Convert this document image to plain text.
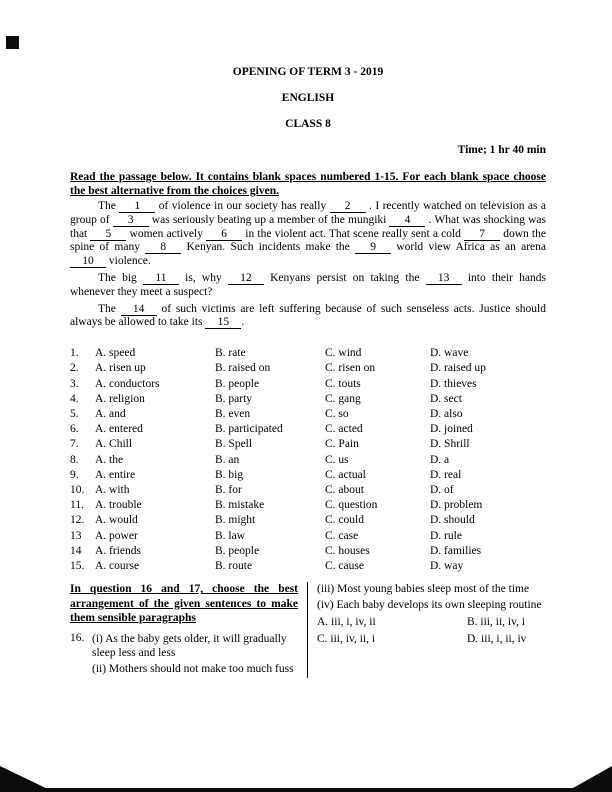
OPENING OF TERM 3 - 2019
ENGLISH
CLASS 8
Time; 1 hr 40 min
Read the passage below. It contains blank spaces numbered 1-15. For each blank space choose the best alternative from the choices given.

The 1 of violence in our society has really 2 . I recently watched on television as a group of 3 was seriously beating up a member of the mungiki 4 . What was shocking was that 5 women actively 6 in the violent act. That scene really sent a cold 7 down the spine of many 8 Kenyan. Such incidents make the 9 world view Africa as an arena 10 violence.

The big 11 is, why 12 Kenyans persist on taking the 13 into their hands whenever they meet a suspect?

The 14 of such victims are left suffering because of such senseless acts. Justice should always be allowed to take its 15 .

1.	A. speed	B. rate	C. wind	D. wave
2.	A. risen up	B. raised on	C. risen on	D. raised up
3.	A. conductors	B. people	C. touts	D. thieves
4.	A. religion	B. party	C. gang	D. sect
5.	A. and	B. even	C. so	D. also
6.	A. entered	B. participated	C. acted	D. joined
7.	A. Chill	B. Spell	C. Pain	D. Shrill
8.	A. the	B. an	C. us	D. a
9.	A. entire	B. big	C. actual	D. real
10. A. with	B. for	C. about	D. of
11. A. trouble	B. mistake	C. question	D. problem
12. A. would	B. might	C. could	D. should
13	A. power	B. law	C. case	D. rule
14	A. friends	B. people	C. houses	D. families
15. A. course	B. route	C. cause	D. way
In question 16 and 17, choose the best arrangement of the given sentences to make them sensible paragraphs
16. (i) As the baby gets older, it will gradually sleep less and less

(ii) Mothers should not make too much fuss

(iii) Most young babies sleep most of the time

(iv) Each baby develops its own sleeping routine

A. iii, i, iv, ii	B. iii, ii, iv, i
C. iii, iv, ii, i	D. iii, i, ii, iv
